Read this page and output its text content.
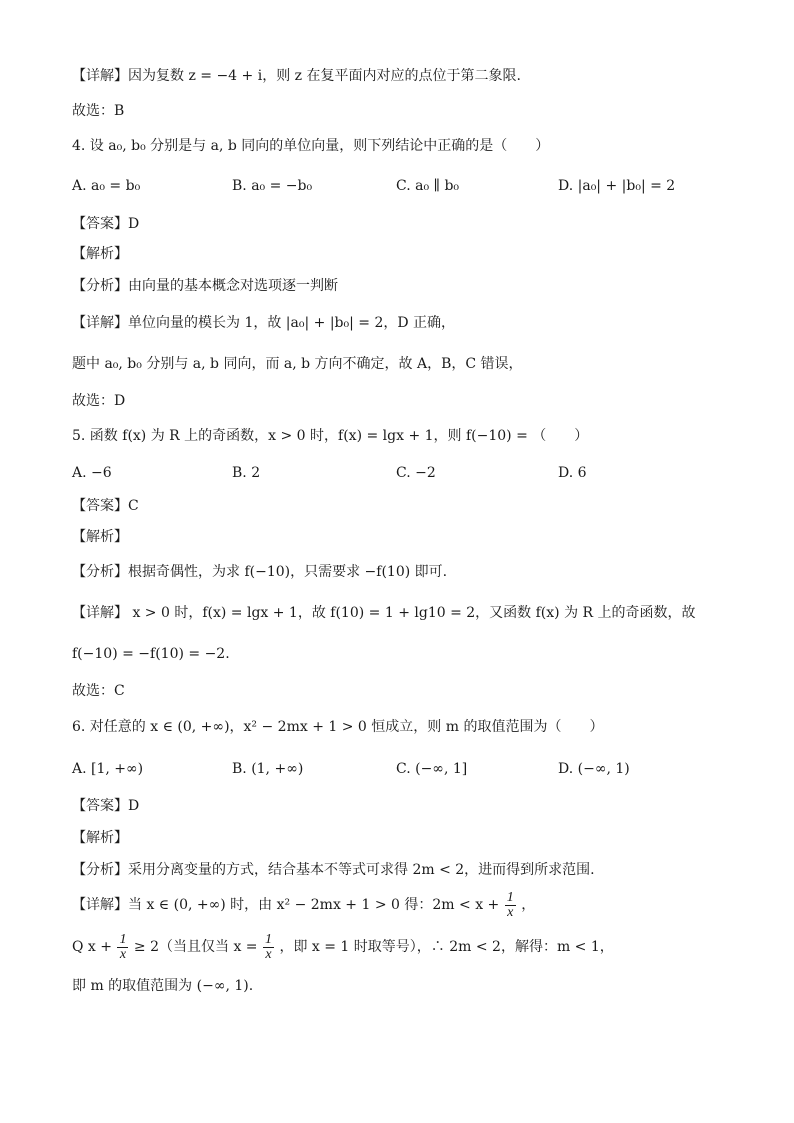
【详解】因为复数 z = −4 + i，则 z 在复平面内对应的点位于第二象限.
故选：B
4. 设 a₀, b₀ 分别是与 a, b 同向的单位向量，则下列结论中正确的是（　　）
【答案】D
【解析】
【分析】由向量的基本概念对选项逐一判断
【详解】单位向量的模长为 1，故 |a₀| + |b₀| = 2，D 正确，
题中 a₀, b₀ 分别与 a, b 同向，而 a, b 方向不确定，故 A，B，C 错误，
故选：D
5. 函数 f(x) 为 R 上的奇函数，x > 0 时，f(x) = lgx + 1，则 f(−10) = （　　）
【答案】C
【解析】
【分析】根据奇偶性，为求 f(−10)，只需要求 −f(10) 即可.
【详解】 x > 0 时，f(x) = lgx + 1，故 f(10) = 1 + lg10 = 2，又函数 f(x) 为 R 上的奇函数，故
f(−10) = −f(10) = −2.
故选：C
6. 对任意的 x ∈ (0, +∞)，x² − 2mx + 1 > 0 恒成立，则 m 的取值范围为（　　）
【答案】D
【解析】
【分析】采用分离变量的方式，结合基本不等式可求得 2m < 2，进而得到所求范围.
即 m 的取值范围为 (−∞, 1).
A. a₀ = b₀	B. a₀ = −b₀	C. a₀ ∥ b₀	D. |a₀| + |b₀| = 2
A. −6	B. 2	C. −2	D. 6
A. [1, +∞)	B. (1, +∞)	C. (−∞, 1]	D. (−∞, 1)
【详解】当 x ∈ (0, +∞) 时，由 x² − 2mx + 1 > 0 得：$2m < x + \frac{1}{x}$ ，
Q $x + \frac{1}{x} \ge 2$（当且仅当 $x = \frac{1}{x}$ ，即 x = 1 时取等号），∴ 2m < 2，解得：m < 1，
